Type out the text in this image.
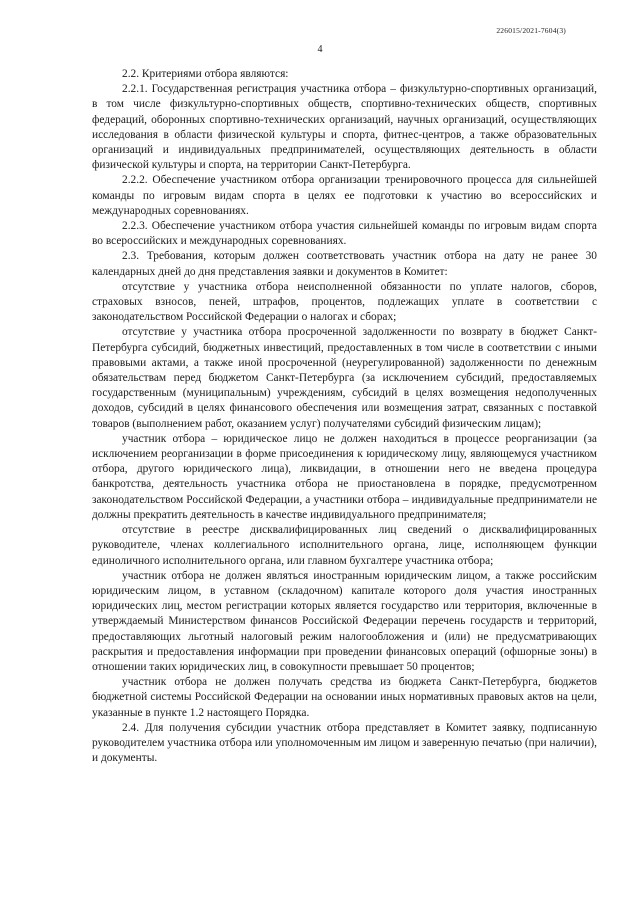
226015/2021-7604(3)
4

2.2. Критериями отбора являются:

2.2.1. Государственная регистрация участника отбора – физкультурно-спортивных организаций, в том числе физкультурно-спортивных обществ, спортивно-технических обществ, спортивных федераций, оборонных спортивно-технических организаций, научных организаций, осуществляющих исследования в области физической культуры и спорта, фитнес-центров, а также образовательных организаций и индивидуальных предпринимателей, осуществляющих деятельность в области физической культуры и спорта, на территории Санкт-Петербурга.

2.2.2. Обеспечение участником отбора организации тренировочного процесса для сильнейшей команды по игровым видам спорта в целях ее подготовки к участию во всероссийских и международных соревнованиях.

2.2.3. Обеспечение участником отбора участия сильнейшей команды по игровым видам спорта во всероссийских и международных соревнованиях.

2.3. Требования, которым должен соответствовать участник отбора на дату не ранее 30 календарных дней до дня представления заявки и документов в Комитет:

отсутствие у участника отбора неисполненной обязанности по уплате налогов, сборов, страховых взносов, пеней, штрафов, процентов, подлежащих уплате в соответствии с законодательством Российской Федерации о налогах и сборах;

отсутствие у участника отбора просроченной задолженности по возврату в бюджет Санкт-Петербурга субсидий, бюджетных инвестиций, предоставленных в том числе в соответствии с иными правовыми актами, а также иной просроченной (неурегулированной) задолженности по денежным обязательствам перед бюджетом Санкт-Петербурга (за исключением субсидий, предоставляемых государственным (муниципальным) учреждениям, субсидий в целях возмещения недополученных доходов, субсидий в целях финансового обеспечения или возмещения затрат, связанных с поставкой товаров (выполнением работ, оказанием услуг) получателями субсидий физическим лицам);

участник отбора – юридическое лицо не должен находиться в процессе реорганизации (за исключением реорганизации в форме присоединения к юридическому лицу, являющемуся участником отбора, другого юридического лица), ликвидации, в отношении него не введена процедура банкротства, деятельность участника отбора не приостановлена в порядке, предусмотренном законодательством Российской Федерации, а участники отбора – индивидуальные предприниматели не должны прекратить деятельность в качестве индивидуального предпринимателя;

отсутствие в реестре дисквалифицированных лиц сведений о дисквалифицированных руководителе, членах коллегиального исполнительного органа, лице, исполняющем функции единоличного исполнительного органа, или главном бухгалтере участника отбора;

участник отбора не должен являться иностранным юридическим лицом, а также российским юридическим лицом, в уставном (складочном) капитале которого доля участия иностранных юридических лиц, местом регистрации которых является государство или территория, включенные в утверждаемый Министерством финансов Российской Федерации перечень государств и территорий, предоставляющих льготный налоговый режим налогообложения и (или) не предусматривающих раскрытия и предоставления информации при проведении финансовых операций (офшорные зоны) в отношении таких юридических лиц, в совокупности превышает 50 процентов;

участник отбора не должен получать средства из бюджета Санкт-Петербурга, бюджетов бюджетной системы Российской Федерации на основании иных нормативных правовых актов на цели, указанные в пункте 1.2 настоящего Порядка.

2.4. Для получения субсидии участник отбора представляет в Комитет заявку, подписанную руководителем участника отбора или уполномоченным им лицом и заверенную печатью (при наличии), и документы.
